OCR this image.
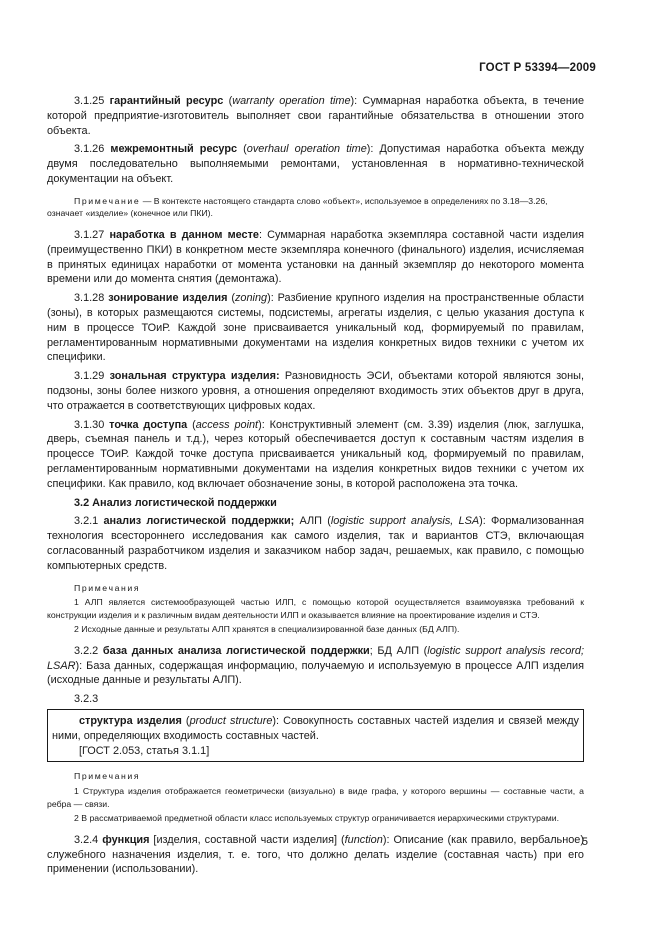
ГОСТ Р 53394—2009

3.1.25 гарантийный ресурс (warranty operation time): Суммарная наработка объекта, в течение которой предприятие-изготовитель выполняет свои гарантийные обязательства в отношении этого объекта.

3.1.26 межремонтный ресурс (overhaul operation time): Допустимая наработка объекта между двумя последовательно выполняемыми ремонтами, установленная в нормативно-технической документации на объект.

Примечание — В контексте настоящего стандарта слово «объект», используемое в определениях по 3.18—3.26, означает «изделие» (конечное или ПКИ).

3.1.27 наработка в данном месте: Суммарная наработка экземпляра составной части изделия (преимущественно ПКИ) в конкретном месте экземпляра конечного (финального) изделия, исчисляемая в принятых единицах наработки от момента установки на данный экземпляр до некоторого момента времени или до момента снятия (демонтажа).

3.1.28 зонирование изделия (zoning): Разбиение крупного изделия на пространственные области (зоны), в которых размещаются системы, подсистемы, агрегаты изделия, с целью указания доступа к ним в процессе ТОиР. Каждой зоне присваивается уникальный код, формируемый по правилам, регламентированным нормативными документами на изделия конкретных видов техники с учетом их специфики.

3.1.29 зональная структура изделия: Разновидность ЭСИ, объектами которой являются зоны, подзоны, зоны более низкого уровня, а отношения определяют входимость этих объектов друг в друга, что отражается в соответствующих цифровых кодах.

3.1.30 точка доступа (access point): Конструктивный элемент (см. 3.39) изделия (люк, заглушка, дверь, съемная панель и т.д.), через который обеспечивается доступ к составным частям изделия в процессе ТОиР. Каждой точке доступа присваивается уникальный код, формируемый по правилам, регламентированным нормативными документами на изделия конкретных видов техники с учетом их специфики. Как правило, код включает обозначение зоны, в которой расположена эта точка.

3.2 Анализ логистической поддержки

3.2.1 анализ логистической поддержки; АЛП (logistic support analysis, LSA): Формализованная технология всестороннего исследования как самого изделия, так и вариантов СТЭ, включающая согласованный разработчиком изделия и заказчиком набор задач, решаемых, как правило, с помощью компьютерных средств.

Примечания
1 АЛП является системообразующей частью ИЛП, с помощью которой осуществляется взаимоувязка требований к конструкции изделия и к различным видам деятельности ИЛП и оказывается влияние на проектирование изделия и СТЭ.
2 Исходные данные и результаты АЛП хранятся в специализированной базе данных (БД АЛП).

3.2.2 база данных анализа логистической поддержки; БД АЛП (logistic support analysis record; LSAR): База данных, содержащая информацию, получаемую и используемую в процессе АЛП изделия (исходные данные и результаты АЛП).

3.2.3

структура изделия (product structure): Совокупность составных частей изделия и связей между ними, определяющих входимость составных частей.

[ГОСТ 2.053, статья 3.1.1]

Примечания
1 Структура изделия отображается геометрически (визуально) в виде графа, у которого вершины — составные части, а ребра — связи.
2 В рассматриваемой предметной области класс используемых структур ограничивается иерархическими структурами.

3.2.4 функция [изделия, составной части изделия] (function): Описание (как правило, вербальное) служебного назначения изделия, т. е. того, что должно делать изделие (составная часть) при его применении (использовании).

5
